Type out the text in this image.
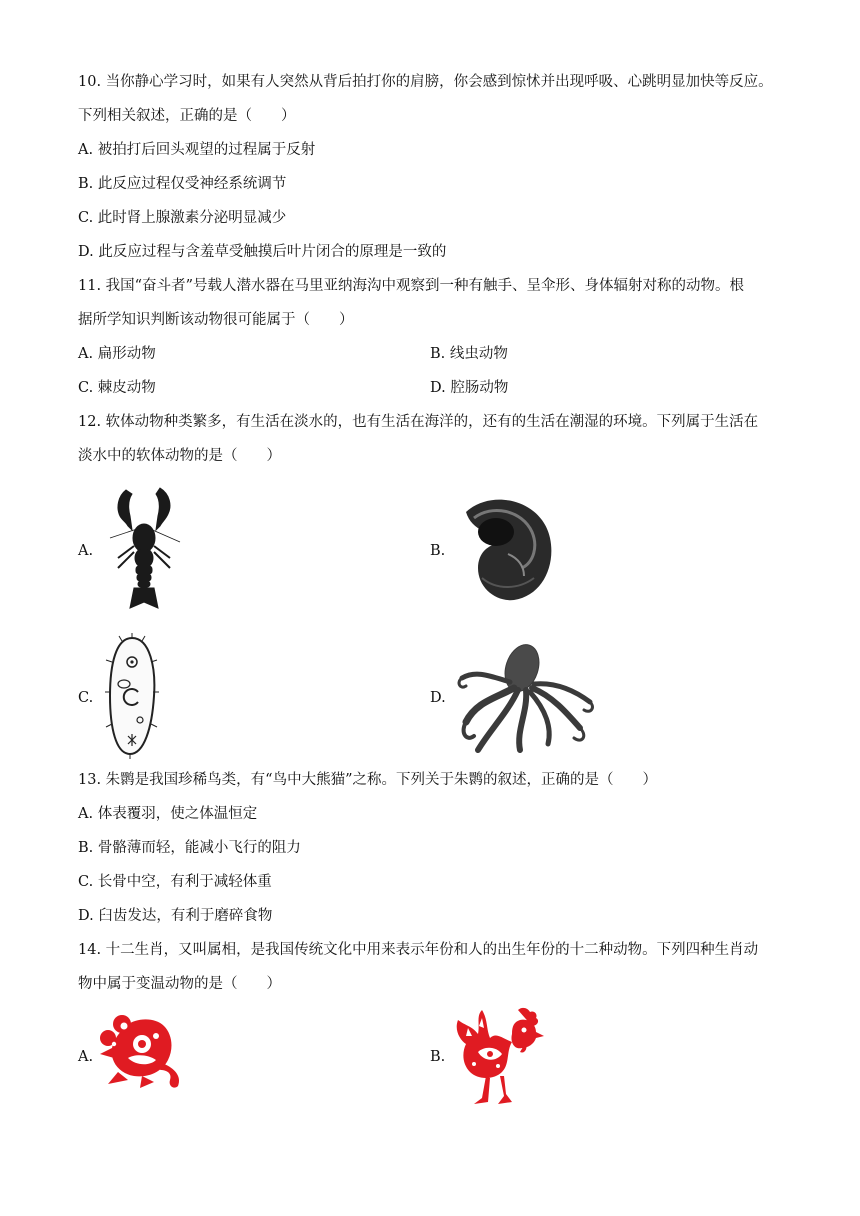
10. 当你静心学习时，如果有人突然从背后拍打你的肩膀，你会感到惊怵并出现呼吸、心跳明显加快等反应。
下列相关叙述，正确的是（　　）
A. 被拍打后回头观望的过程属于反射
B. 此反应过程仅受神经系统调节
C. 此时肾上腺激素分泌明显减少
D. 此反应过程与含羞草受触摸后叶片闭合的原理是一致的
11. 我国“奋斗者”号载人潜水器在马里亚纳海沟中观察到一种有触手、呈伞形、身体辐射对称的动物。根
据所学知识判断该动物很可能属于（　　）
A. 扁形动物	B. 线虫动物
C. 棘皮动物	D. 腔肠动物
12. 软体动物种类繁多，有生活在淡水的，也有生活在海洋的，还有的生活在潮湿的环境。下列属于生活在
淡水中的软体动物的是（　　）
A.	B.
C.	D.
13. 朱鹮是我国珍稀鸟类，有“鸟中大熊猫”之称。下列关于朱鹮的叙述，正确的是（　　）
A. 体表覆羽，使之体温恒定
B. 骨骼薄而轻，能减小飞行的阻力
C. 长骨中空，有利于减轻体重
D. 臼齿发达，有利于磨碎食物
14. 十二生肖，又叫属相，是我国传统文化中用来表示年份和人的出生年份的十二种动物。下列四种生肖动
物中属于变温动物的是（　　）
A.	B.
